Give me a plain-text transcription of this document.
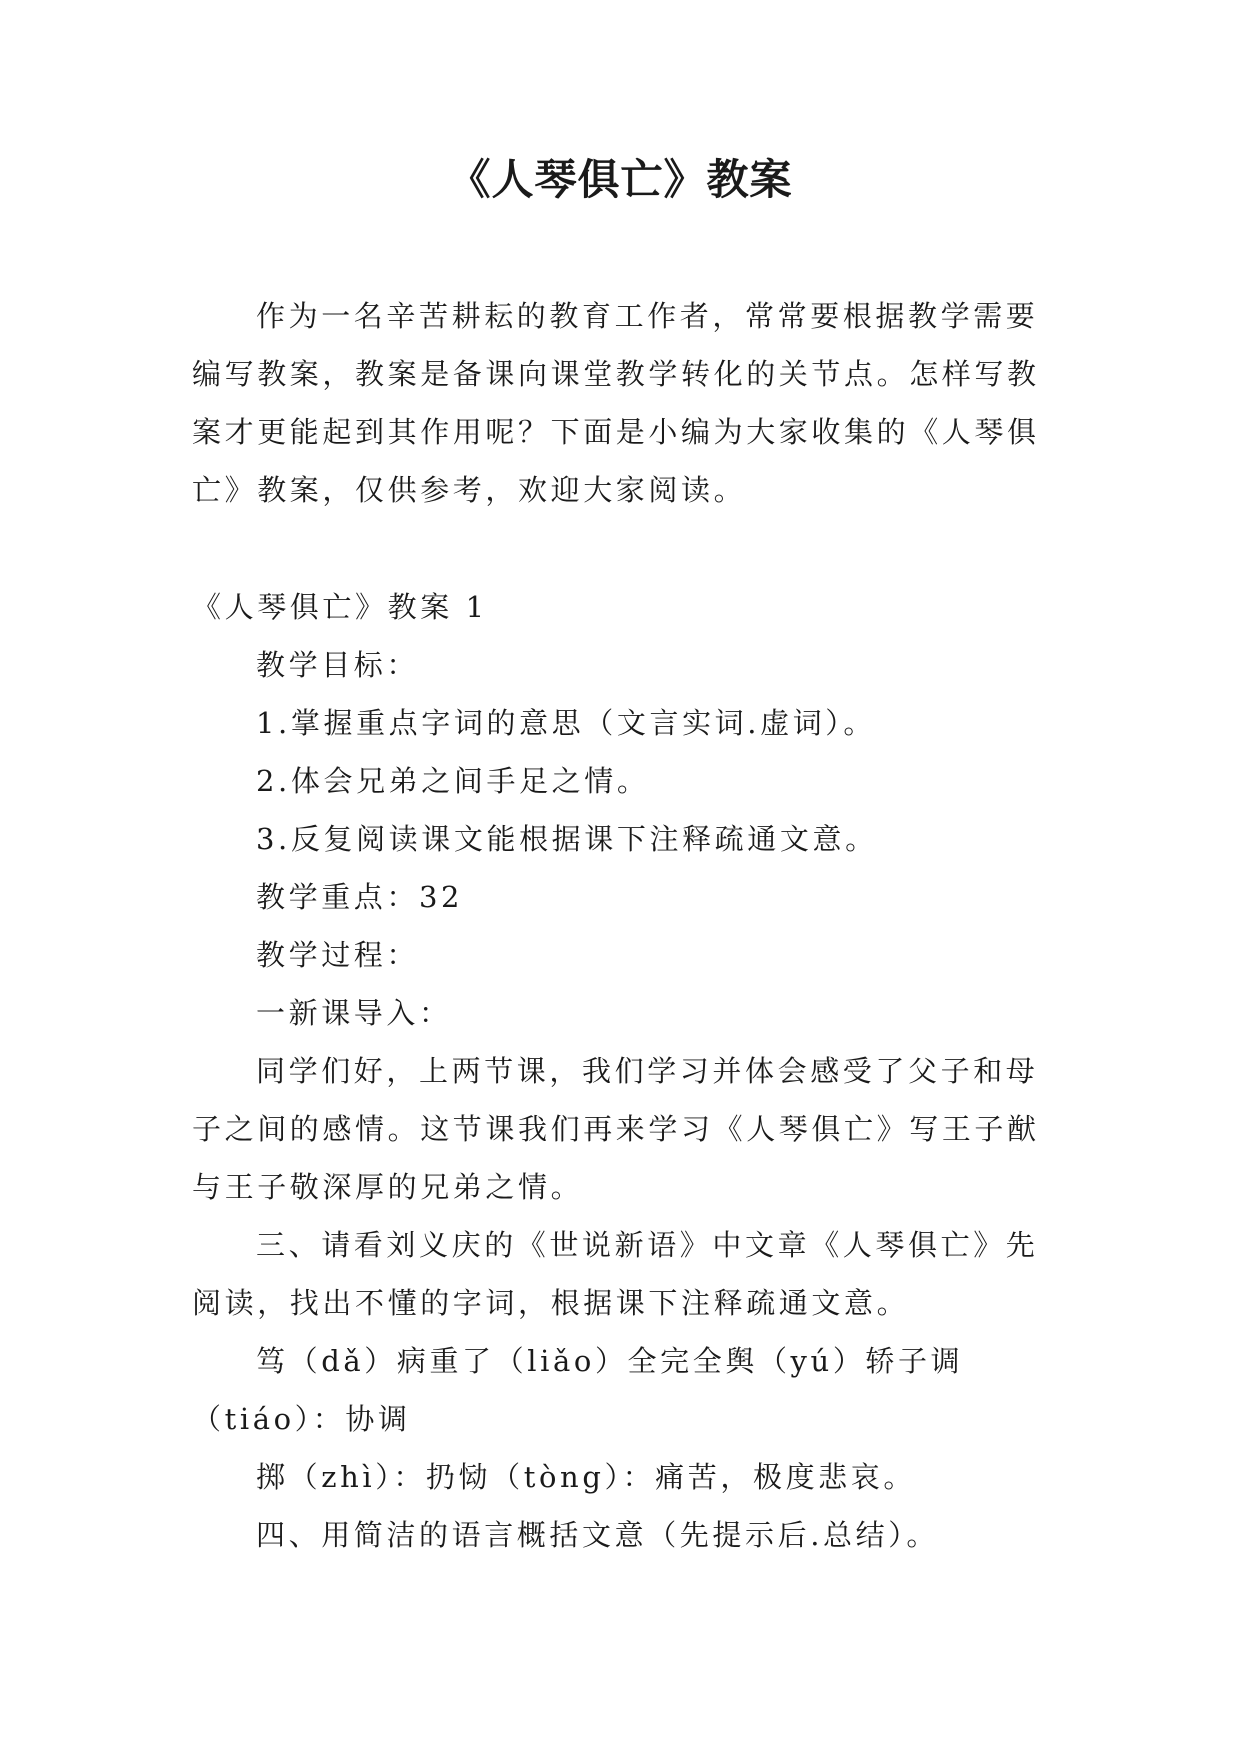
《人琴俱亡》教案

作为一名辛苦耕耘的教育工作者，常常要根据教学需要编写教案，教案是备课向课堂教学转化的关节点。怎样写教案才更能起到其作用呢？下面是小编为大家收集的《人琴俱亡》教案，仅供参考，欢迎大家阅读。

《人琴俱亡》教案 1

教学目标：

1.掌握重点字词的意思（文言实词.虚词）。

2.体会兄弟之间手足之情。

3.反复阅读课文能根据课下注释疏通文意。

教学重点：32

教学过程：

一新课导入：

同学们好，上两节课，我们学习并体会感受了父子和母子之间的感情。这节课我们再来学习《人琴俱亡》写王子猷与王子敬深厚的兄弟之情。

三、请看刘义庆的《世说新语》中文章《人琴俱亡》先阅读，找出不懂的字词，根据课下注释疏通文意。

笃（dǎ）病重了（liǎo）全完全舆（yú）轿子调（tiáo）：协调

掷（zhì）：扔恸（tòng）：痛苦，极度悲哀。

四、用简洁的语言概括文意（先提示后.总结）。
